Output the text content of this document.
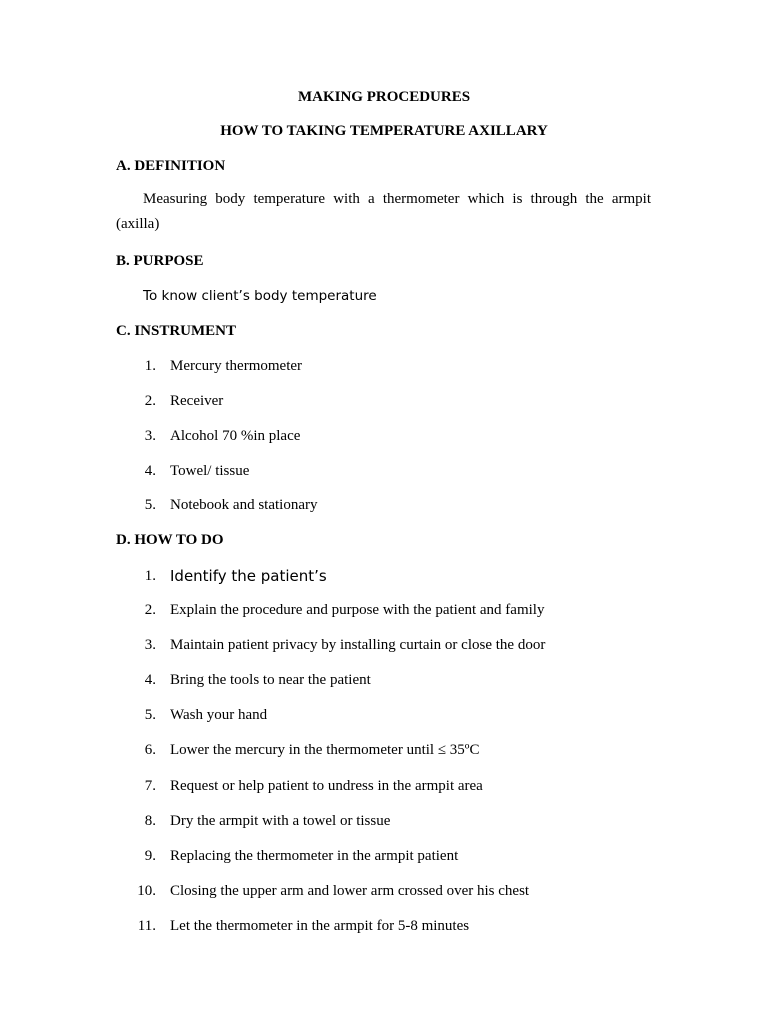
MAKING PROCEDURES
HOW TO TAKING TEMPERATURE AXILLARY
A. DEFINITION
Measuring body temperature with a thermometer which is through the armpit (axilla)
B. PURPOSE
To know client’s body temperature
C. INSTRUMENT
1. Mercury thermometer
2. Receiver
3. Alcohol 70 %in place
4. Towel/ tissue
5. Notebook and stationary
D. HOW TO DO
1. Identify the patient’s
2. Explain the procedure and purpose with the patient and family
3. Maintain patient privacy by installing curtain or close the door
4. Bring the tools to near the patient
5. Wash your hand
6. Lower the mercury in the thermometer until ≤ 35ºC
7. Request or help patient to undress in the armpit area
8. Dry the armpit with a towel or tissue
9. Replacing the thermometer in the armpit patient
10. Closing the upper arm and lower arm crossed over his chest
11. Let the thermometer in the armpit for 5-8 minutes
